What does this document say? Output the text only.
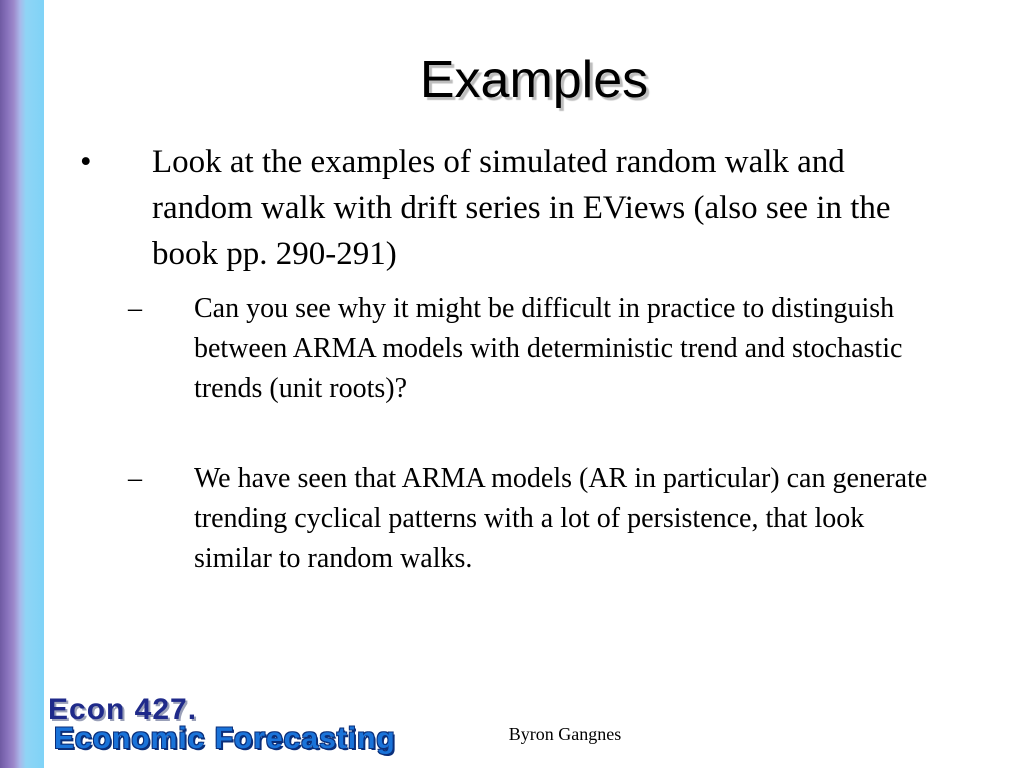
Examples
• Look at the examples of simulated random walk and random walk with drift series in EViews (also see in the book pp. 290-291)
– Can you see why it might be difficult in practice to distinguish between ARMA models with deterministic trend and stochastic trends (unit roots)?
– We have seen that ARMA models (AR in particular) can generate trending cyclical patterns with a lot of persistence, that look similar to random walks.
Econ 427.
Economic Forecasting	Byron Gangnes
